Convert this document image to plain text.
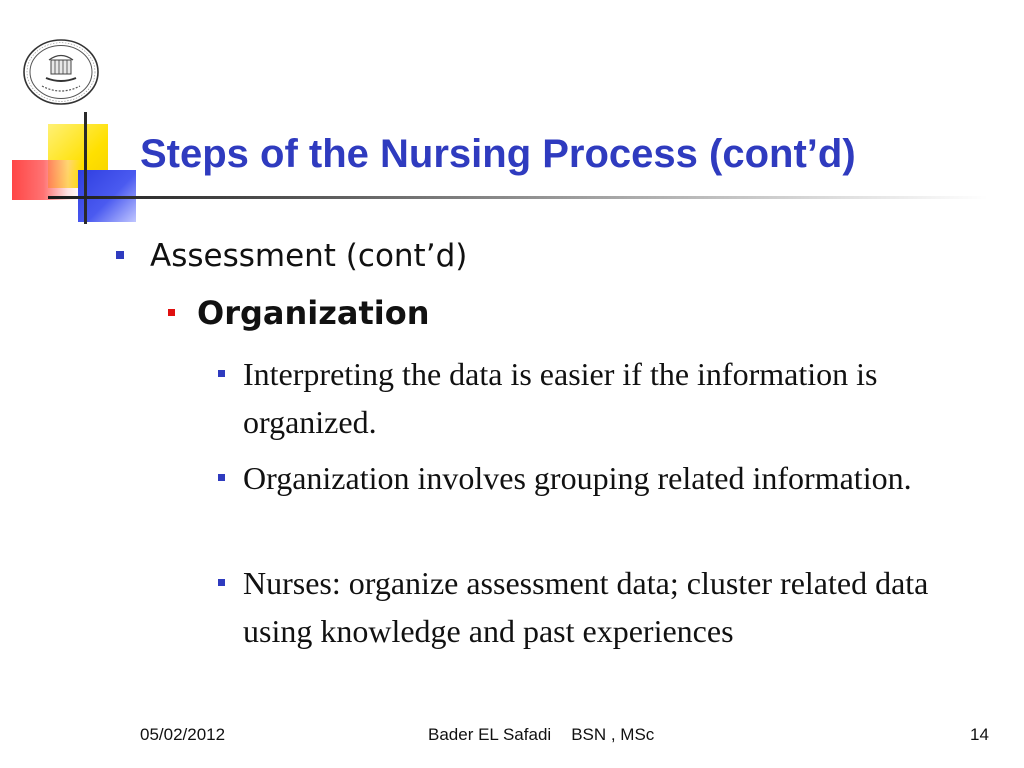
Steps of the Nursing Process (cont’d)
Assessment (cont’d)
Organization
Interpreting the data is easier if the information is organized.
Organization involves grouping related information.
Nurses: organize assessment data; cluster related data using knowledge and past experiences
05/02/2012	Bader EL Safadi BSN , MSc	14
